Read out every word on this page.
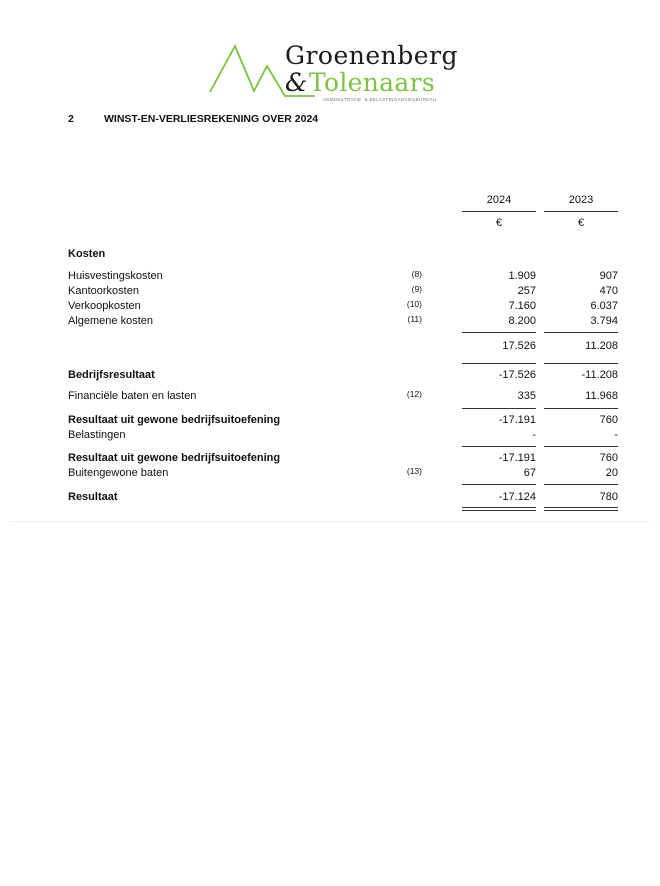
Groenenberg
& Tolenaars
ADMINISTRATIE- & BELASTINGADVIESBUREAU
2	WINST-EN-VERLIESREKENING OVER 2024
2024	2023
€	€
Kosten
Huisvestingskosten	(8)	1.909	907
Kantoorkosten	(9)	257	470
Verkoopkosten	(10)	7.160	6.037
Algemene kosten	(11)	8.200	3.794
17.526	11.208
Bedrijfsresultaat	-17.526	-11.208
Financiële baten en lasten	(12)	335	11.968
Resultaat uit gewone bedrijfsuitoefening	-17.191	760
Belastingen	-	-
Resultaat uit gewone bedrijfsuitoefening	-17.191	760
Buitengewone baten	(13)	67	20
Resultaat	-17.124	780
